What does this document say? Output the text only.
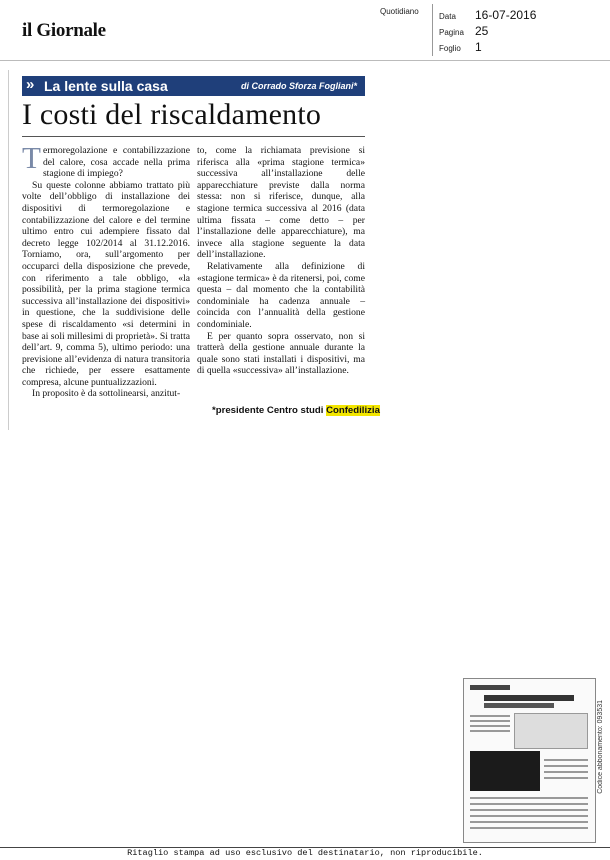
il Giornale
Quotidiano
Data 16-07-2016
Pagina 25
Foglio 1
» La lente sulla casa	di Corrado Sforza Fogliani*
I costi del riscaldamento

Termoregolazione e contabilizzazione del calore, cosa accade nella prima stagione di impiego?

Su queste colonne abbiamo trattato più volte dell’obbligo di installazione dei dispositivi di termoregolazione e contabilizzazione del calore e del termine ultimo entro cui adempiere fissato dal decreto legge 102/2014 al 31.12.2016. Torniamo, ora, sull’argomento per occuparci della disposizione che prevede, con riferimento a tale obbligo, «la possibilità, per la prima stagione termica successiva all’installazione dei dispositivi» in questione, che la suddivisione delle spese di riscaldamento «si determini in base ai soli millesimi di proprietà». Si tratta dell’art. 9, comma 5), ultimo periodo: una previsione all’evidenza di natura transitoria che richiede, per essere esattamente compresa, alcune puntualizzazioni.

In proposito è da sottolinearsi, anzitut-

to, come la richiamata previsione si riferisca alla «prima stagione termica» successiva all’installazione delle apparecchiature previste dalla norma stessa: non si riferisce, dunque, alla stagione termica successiva al 2016 (data ultima fissata – come detto – per l’installazione delle apparecchiature), ma invece alla stagione seguente la data dell’installazione.

Relativamente alla definizione di «stagione termica» è da ritenersi, poi, come questa – dal momento che la contabilità condominiale ha cadenza annuale – coincida con l’annualità della gestione condominiale.

E per quanto sopra osservato, non si tratterà della gestione annuale durante la quale sono stati installati i dispositivi, ma di quella «successiva» all’installazione.

*presidente Centro studi Confedilizia
Codice abbonamento: 093531
Ritaglio stampa ad uso esclusivo del destinatario, non riproducibile.
